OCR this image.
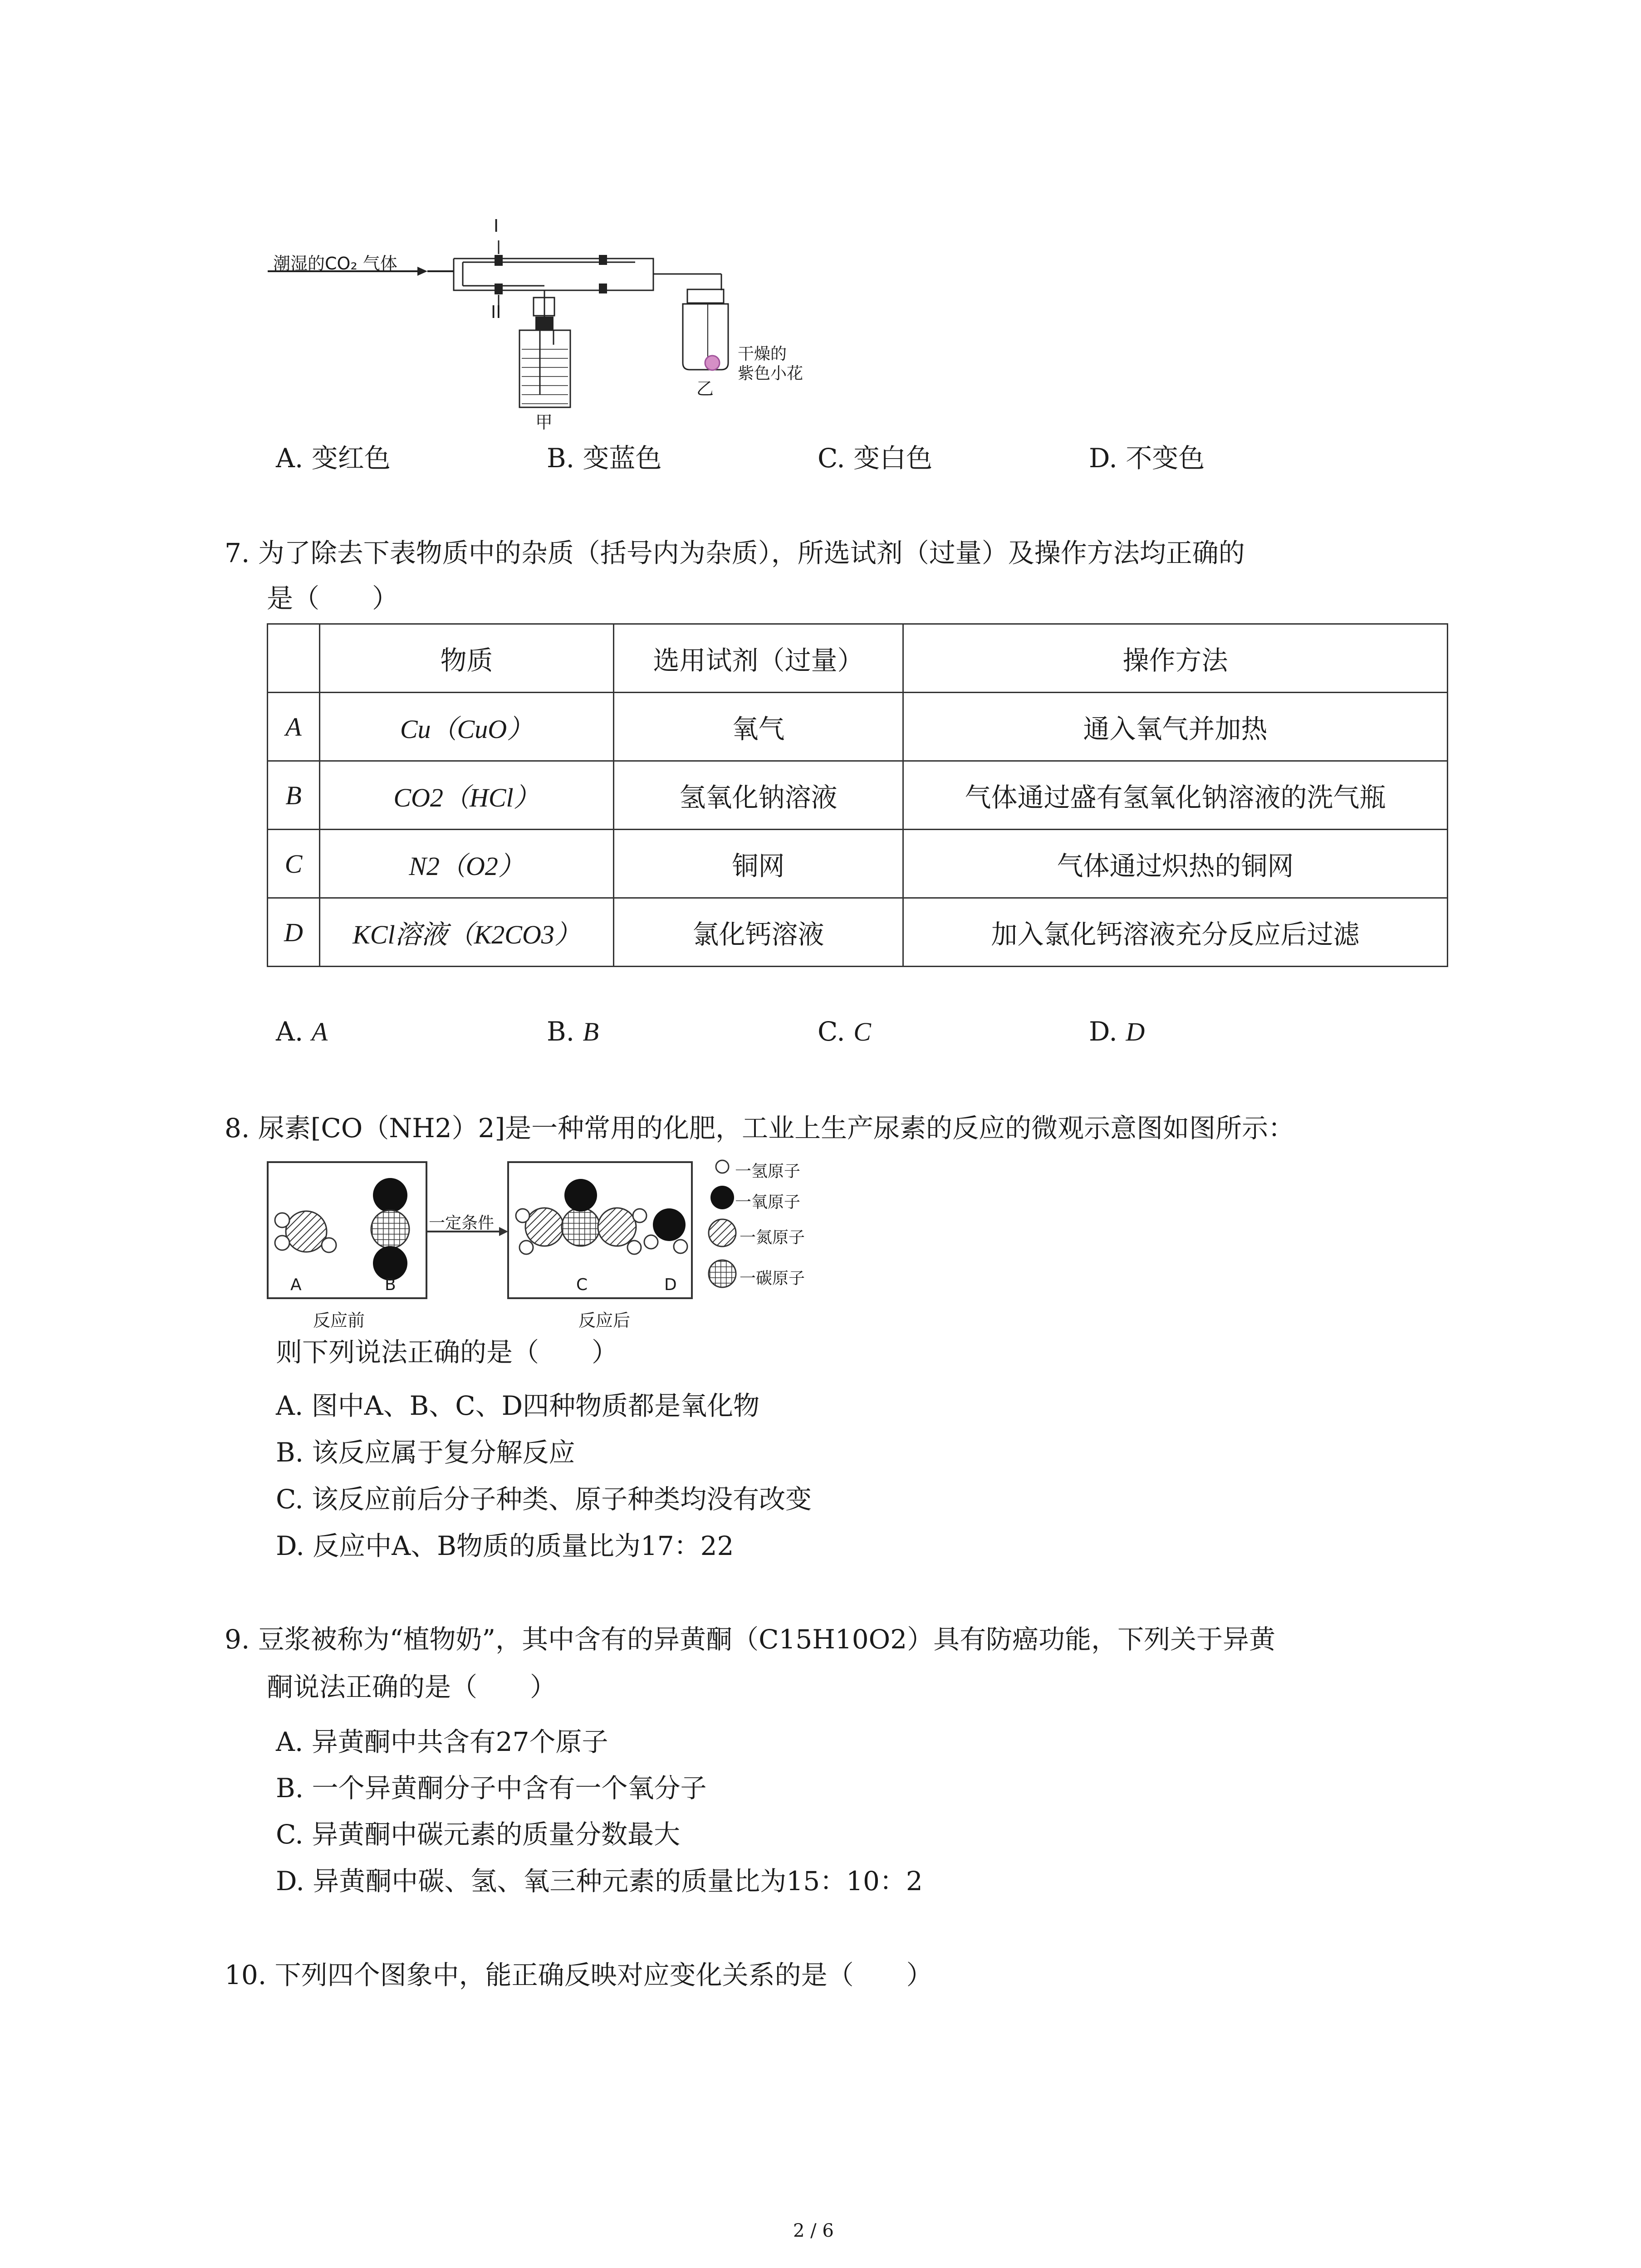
潮湿的CO₂ 气体
I
II
甲
乙
干燥的
紫色小花
A. 变红色	B. 变蓝色	C. 变白色	D. 不变色
7. 为了除去下表物质中的杂质（括号内为杂质），所选试剂（过量）及操作方法均正确的
是（　　）
	物质	选用试剂（过量）	操作方法
A	Cu（CuO）	氧气	通入氧气并加热
B	CO2（HCl）	氢氧化钠溶液	气体通过盛有氢氧化钠溶液的洗气瓶
C	N2（O2）	铜网	气体通过炽热的铜网
D	KCl溶液（K2CO3）	氯化钙溶液	加入氯化钙溶液充分反应后过滤
A. A	B. B	C. C	D. D
8. 尿素[CO（NH2）2]是一种常用的化肥，工业上生产尿素的反应的微观示意图如图所示：
一定条件
A	B	C	D
反应前	反应后
一氢原子
一氧原子
一氮原子
一碳原子
则下列说法正确的是（　　）
A. 图中A、B、C、D四种物质都是氧化物
B. 该反应属于复分解反应
C. 该反应前后分子种类、原子种类均没有改变
D. 反应中A、B物质的质量比为17：22
9. 豆浆被称为“植物奶”，其中含有的异黄酮（C15H10O2）具有防癌功能，下列关于异黄
酮说法正确的是（　　）
A. 异黄酮中共含有27个原子
B. 一个异黄酮分子中含有一个氧分子
C. 异黄酮中碳元素的质量分数最大
D. 异黄酮中碳、氢、氧三种元素的质量比为15：10：2
10. 下列四个图象中，能正确反映对应变化关系的是（　　）
2 / 6
